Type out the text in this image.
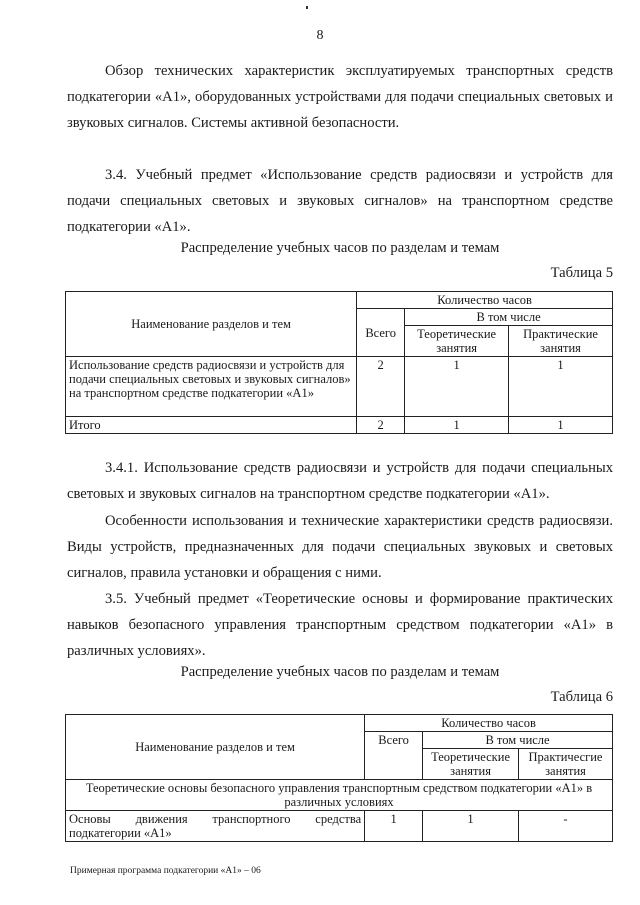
8
Обзор технических характеристик эксплуатируемых транспортных средств подкатегории «А1», оборудованных устройствами для подачи специальных световых и звуковых сигналов. Системы активной безопасности.
3.4. Учебный предмет «Использование средств радиосвязи и устройств для подачи специальных световых и звуковых сигналов» на транспортном средстве подкатегории «А1».
Распределение учебных часов по разделам и темам
Таблица 5
Наименование разделов и тем	Количество часов		
	Всего	В том числе	
		Теоретические занятия	Практические занятия
Использование средств радиосвязи и устройств для подачи специальных световых и звуковых сигналов» на транспортном средстве подкатегории «А1»	2	1	1
Итого	2	1	1
3.4.1. Использование средств радиосвязи и устройств для подачи специальных световых и звуковых сигналов на транспортном средстве подкатегории «А1».
Особенности использования и технические характеристики средств радиосвязи. Виды устройств, предназначенных для подачи специальных звуковых и световых сигналов, правила установки и обращения с ними.
3.5. Учебный предмет «Теоретические основы и формирование практических навыков безопасного управления транспортным средством подкатегории «А1» в различных условиях».
Распределение учебных часов по разделам и темам
Таблица 6
Наименование разделов и тем	Количество часов		
	Всего	В том числе	
		Теоретические занятия	Практичесгие занятия
Теоретические основы безопасного управления транспортным средством подкатегории «А1» в различных условиях			
Основы движения транспортного средства подкатегории «А1»	1	1	-
Примерная программа подкатегории «А1» – 06
